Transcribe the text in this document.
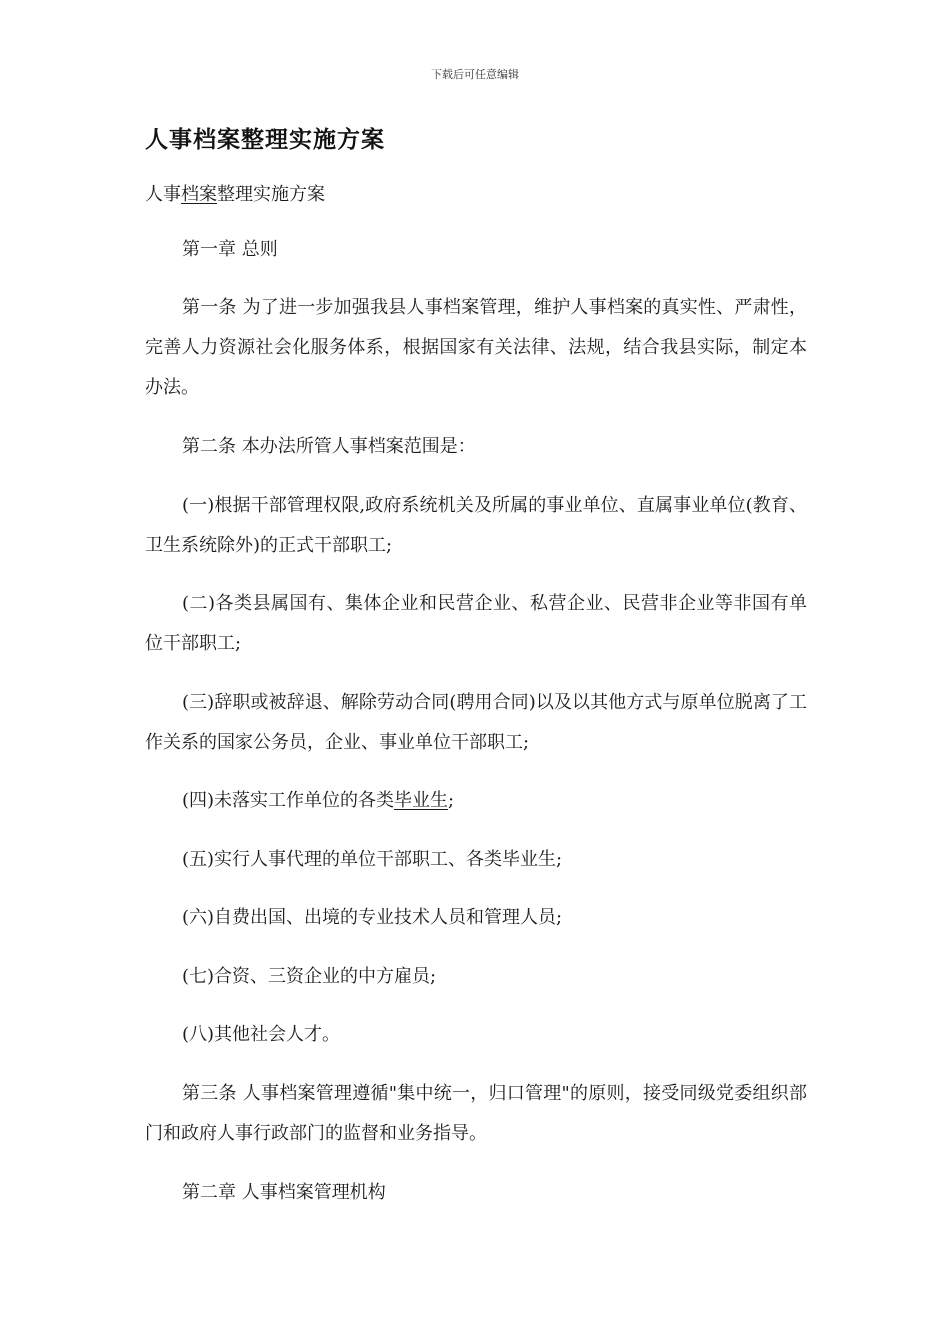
下载后可任意编辑
人事档案整理实施方案
人事档案整理实施方案

第一章 总则

第一条 为了进一步加强我县人事档案管理，维护人事档案的真实性、严肃性，完善人力资源社会化服务体系，根据国家有关法律、法规，结合我县实际，制定本办法。

第二条 本办法所管人事档案范围是：

(一)根据干部管理权限,政府系统机关及所属的事业单位、直属事业单位(教育、卫生系统除外)的正式干部职工;

(二)各类县属国有、集体企业和民营企业、私营企业、民营非企业等非国有单位干部职工;

(三)辞职或被辞退、解除劳动合同(聘用合同)以及以其他方式与原单位脱离了工作关系的国家公务员，企业、事业单位干部职工;

(四)未落实工作单位的各类毕业生;

(五)实行人事代理的单位干部职工、各类毕业生;

(六)自费出国、出境的专业技术人员和管理人员;

(七)合资、三资企业的中方雇员;

(八)其他社会人才。

第三条 人事档案管理遵循"集中统一，归口管理"的原则，接受同级党委组织部门和政府人事行政部门的监督和业务指导。

第二章 人事档案管理机构
